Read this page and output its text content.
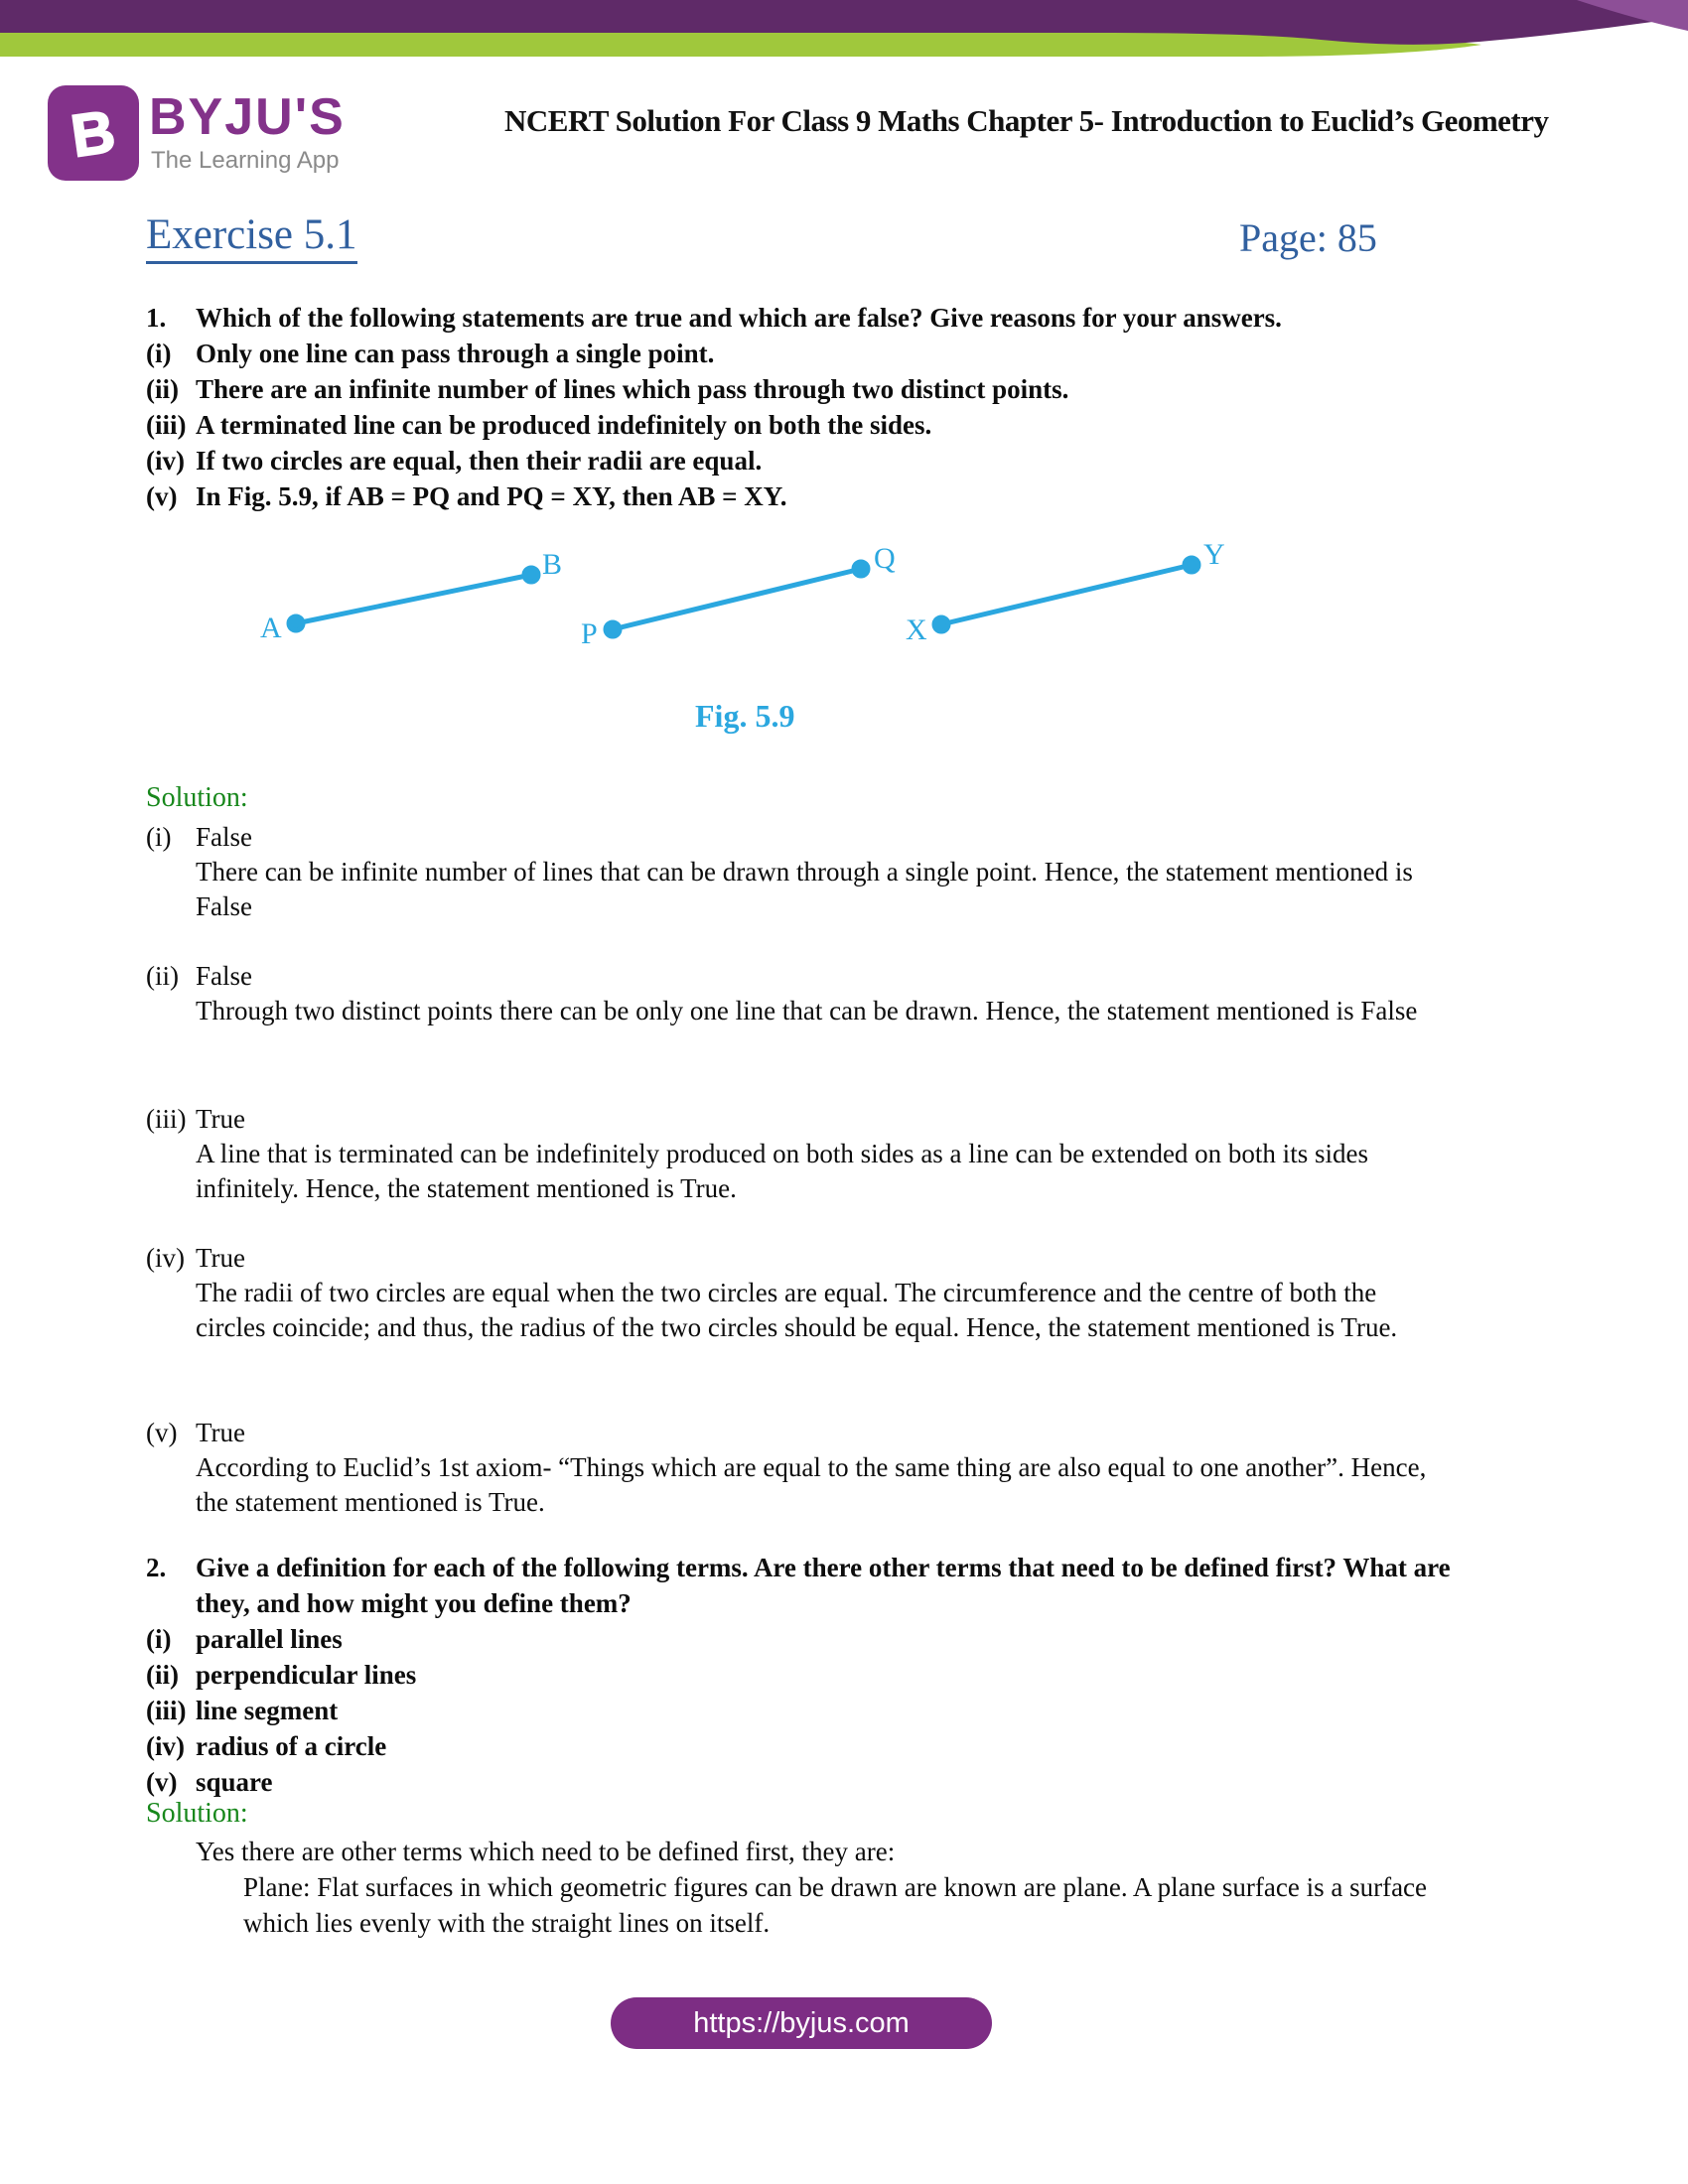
B BYJU'S
The Learning App
NCERT Solution For Class 9 Maths Chapter 5- Introduction to Euclid’s Geometry
Exercise 5.1	Page: 85
1.	Which of the following statements are true and which are false? Give reasons for your answers.
(i) Only one line can pass through a single point.
(ii) There are an infinite number of lines which pass through two distinct points.
(iii) A terminated line can be produced indefinitely on both the sides.
(iv) If two circles are equal, then their radii are equal.
(v) In Fig. 5.9, if AB = PQ and PQ = XY, then AB = XY.
A
B
P
Q
X
Y
Fig. 5.9
Solution:
(i) False
There can be infinite number of lines that can be drawn through a single point. Hence, the statement mentioned is False
(ii) False
Through two distinct points there can be only one line that can be drawn. Hence, the statement mentioned is False
(iii) True
A line that is terminated can be indefinitely produced on both sides as a line can be extended on both its sides infinitely. Hence, the statement mentioned is True.
(iv) True
The radii of two circles are equal when the two circles are equal. The circumference and the centre of both the circles coincide; and thus, the radius of the two circles should be equal. Hence, the statement mentioned is True.
(v) True
According to Euclid’s 1st axiom- “Things which are equal to the same thing are also equal to one another”. Hence, the statement mentioned is True.
2.	Give a definition for each of the following terms. Are there other terms that need to be defined first? What are they, and how might you define them?
(i) parallel lines
(ii) perpendicular lines
(iii) line segment
(iv) radius of a circle
(v) square
Solution:
Yes there are other terms which need to be defined first, they are:
Plane: Flat surfaces in which geometric figures can be drawn are known are plane. A plane surface is a surface which lies evenly with the straight lines on itself.
https://byjus.com
